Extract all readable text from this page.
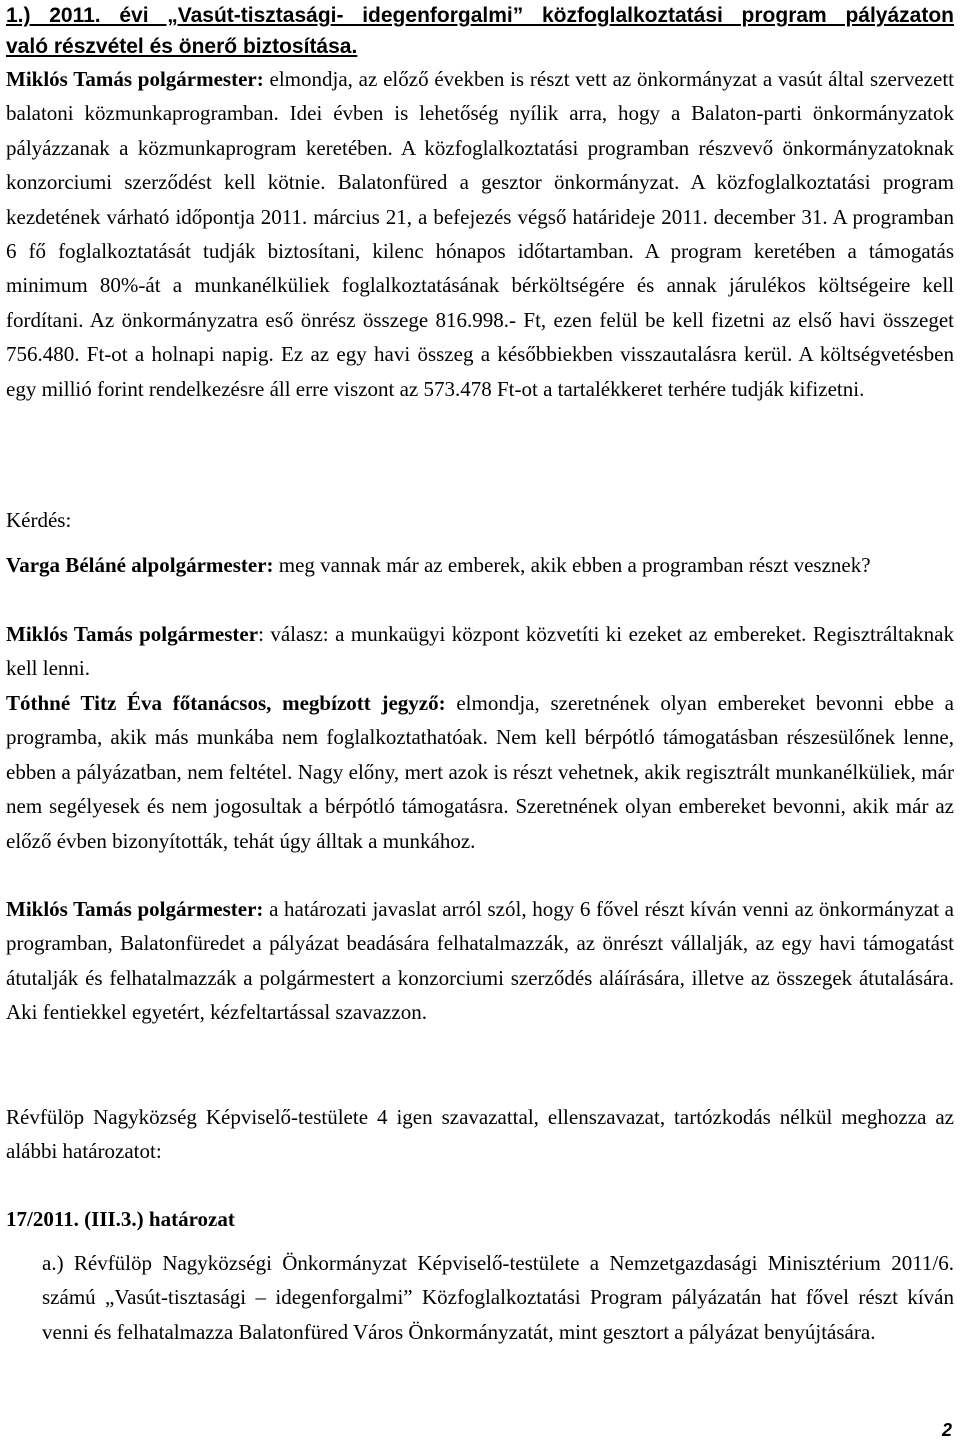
1.) 2011. évi „Vasút-tisztasági- idegenforgalmi” közfoglalkoztatási program pályázaton
való részvétel és önerő biztosítása.

Miklós Tamás polgármester: elmondja, az előző években is részt vett az önkormányzat a vasút által szervezett balatoni közmunkaprogramban. Idei évben is lehetőség nyílik arra, hogy a Balaton-parti önkormányzatok pályázzanak a közmunkaprogram keretében. A közfoglalkoztatási programban részvevő önkormányzatoknak konzorciumi szerződést kell kötnie. Balatonfüred a gesztor önkormányzat. A közfoglalkoztatási program kezdetének várható időpontja 2011. március 21, a befejezés végső határideje 2011. december 31. A programban 6 fő foglalkoztatását tudják biztosítani, kilenc hónapos időtartamban. A program keretében a támogatás minimum 80%-át a munkanélküliek foglalkoztatásának bérköltségére és annak járulékos költségeire kell fordítani. Az önkormányzatra eső önrész összege 816.998.- Ft, ezen felül be kell fizetni az első havi összeget 756.480. Ft-ot a holnapi napig. Ez az egy havi összeg a későbbiekben visszautalásra kerül. A költségvetésben egy millió forint rendelkezésre áll erre viszont az 573.478 Ft-ot a tartalékkeret terhére tudják kifizetni.

Kérdés:

Varga Béláné alpolgármester: meg vannak már az emberek, akik ebben a programban részt vesznek?

Miklós Tamás polgármester: válasz: a munkaügyi központ közvetíti ki ezeket az embereket. Regisztráltaknak kell lenni.

Tóthné Titz Éva főtanácsos, megbízott jegyző: elmondja, szeretnének olyan embereket bevonni ebbe a programba, akik más munkába nem foglalkoztathatóak. Nem kell bérpótló támogatásban részesülőnek lenne, ebben a pályázatban, nem feltétel. Nagy előny, mert azok is részt vehetnek, akik regisztrált munkanélküliek, már nem segélyesek és nem jogosultak a bérpótló támogatásra. Szeretnének olyan embereket bevonni, akik már az előző évben bizonyították, tehát úgy álltak a munkához.

Miklós Tamás polgármester: a határozati javaslat arról szól, hogy 6 fővel részt kíván venni az önkormányzat a programban, Balatonfüredet a pályázat beadására felhatalmazzák, az önrészt vállalják, az egy havi támogatást átutalják és felhatalmazzák a polgármestert a konzorciumi szerződés aláírására, illetve az összegek átutalására. Aki fentiekkel egyetért, kézfeltartással szavazzon.

Révfülöp Nagyközség Képviselő-testülete 4 igen szavazattal, ellenszavazat, tartózkodás nélkül meghozza az alábbi határozatot:

17/2011. (III.3.) határozat

a.) Révfülöp Nagyközségi Önkormányzat Képviselő-testülete a Nemzetgazdasági Minisztérium 2011/6. számú „Vasút-tisztasági – idegenforgalmi” Közfoglalkoztatási Program pályázatán hat fővel részt kíván venni és felhatalmazza Balatonfüred Város Önkormányzatát, mint gesztort a pályázat benyújtására.

2
